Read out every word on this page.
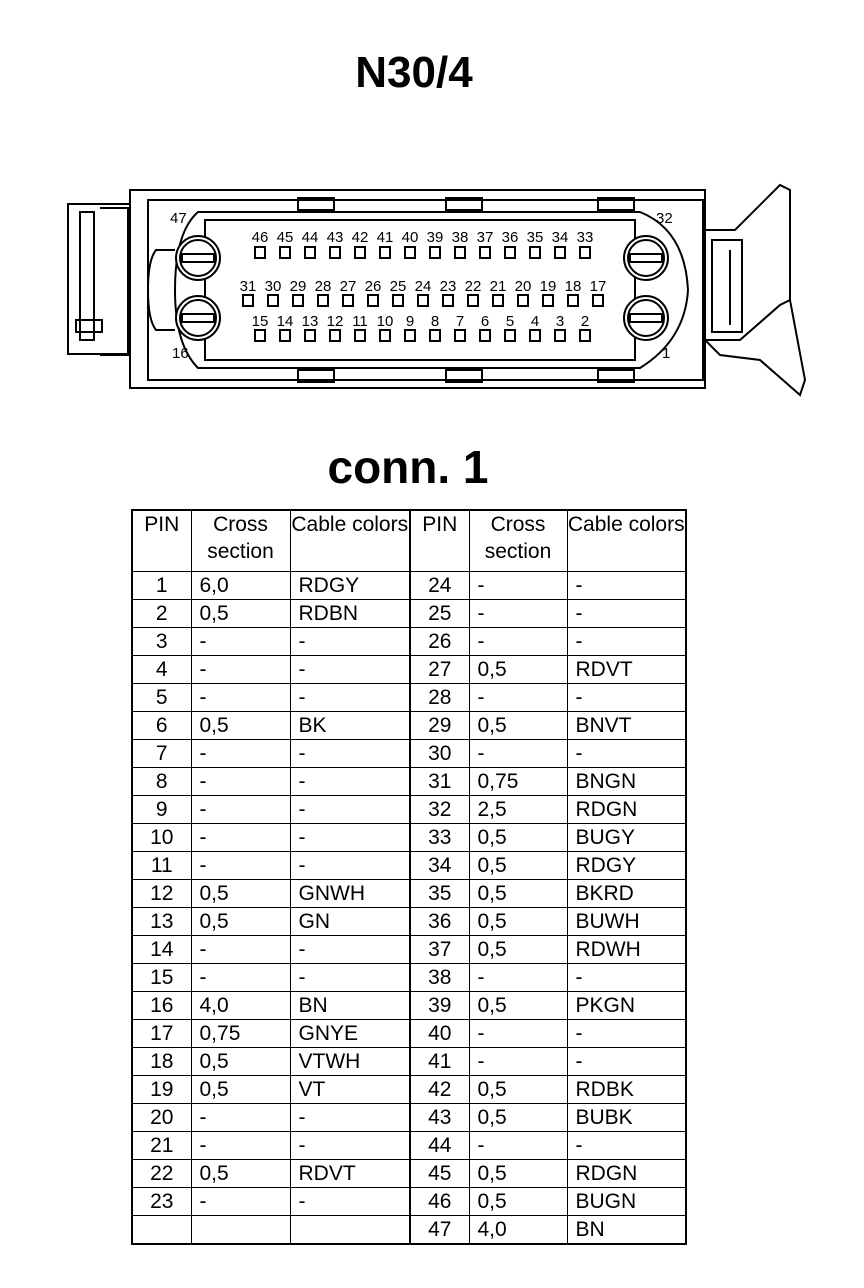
N30/4
46 45 44 43 42 41 40 39 38 37 36 35 34 33
31 30 29 28 27 26 25 24 23 22 21 20 19 18 17
15 14 13 12 11 10 9 8 7 6 5 4 3 2
47	32
16	1
conn. 1
PIN	Cross section	Cable colors	PIN	Cross section	Cable colors
1	6,0	RDGY	24	-	-
2	0,5	RDBN	25	-	-
3	-	-	26	-	-
4	-	-	27	0,5	RDVT
5	-	-	28	-	-
6	0,5	BK	29	0,5	BNVT
7	-	-	30	-	-
8	-	-	31	0,75	BNGN
9	-	-	32	2,5	RDGN
10	-	-	33	0,5	BUGY
11	-	-	34	0,5	RDGY
12	0,5	GNWH	35	0,5	BKRD
13	0,5	GN	36	0,5	BUWH
14	-	-	37	0,5	RDWH
15	-	-	38	-	-
16	4,0	BN	39	0,5	PKGN
17	0,75	GNYE	40	-	-
18	0,5	VTWH	41	-	-
19	0,5	VT	42	0,5	RDBK
20	-	-	43	0,5	BUBK
21	-	-	44	-	-
22	0,5	RDVT	45	0,5	RDGN
23	-	-	46	0,5	BUGN
			47	4,0	BN
